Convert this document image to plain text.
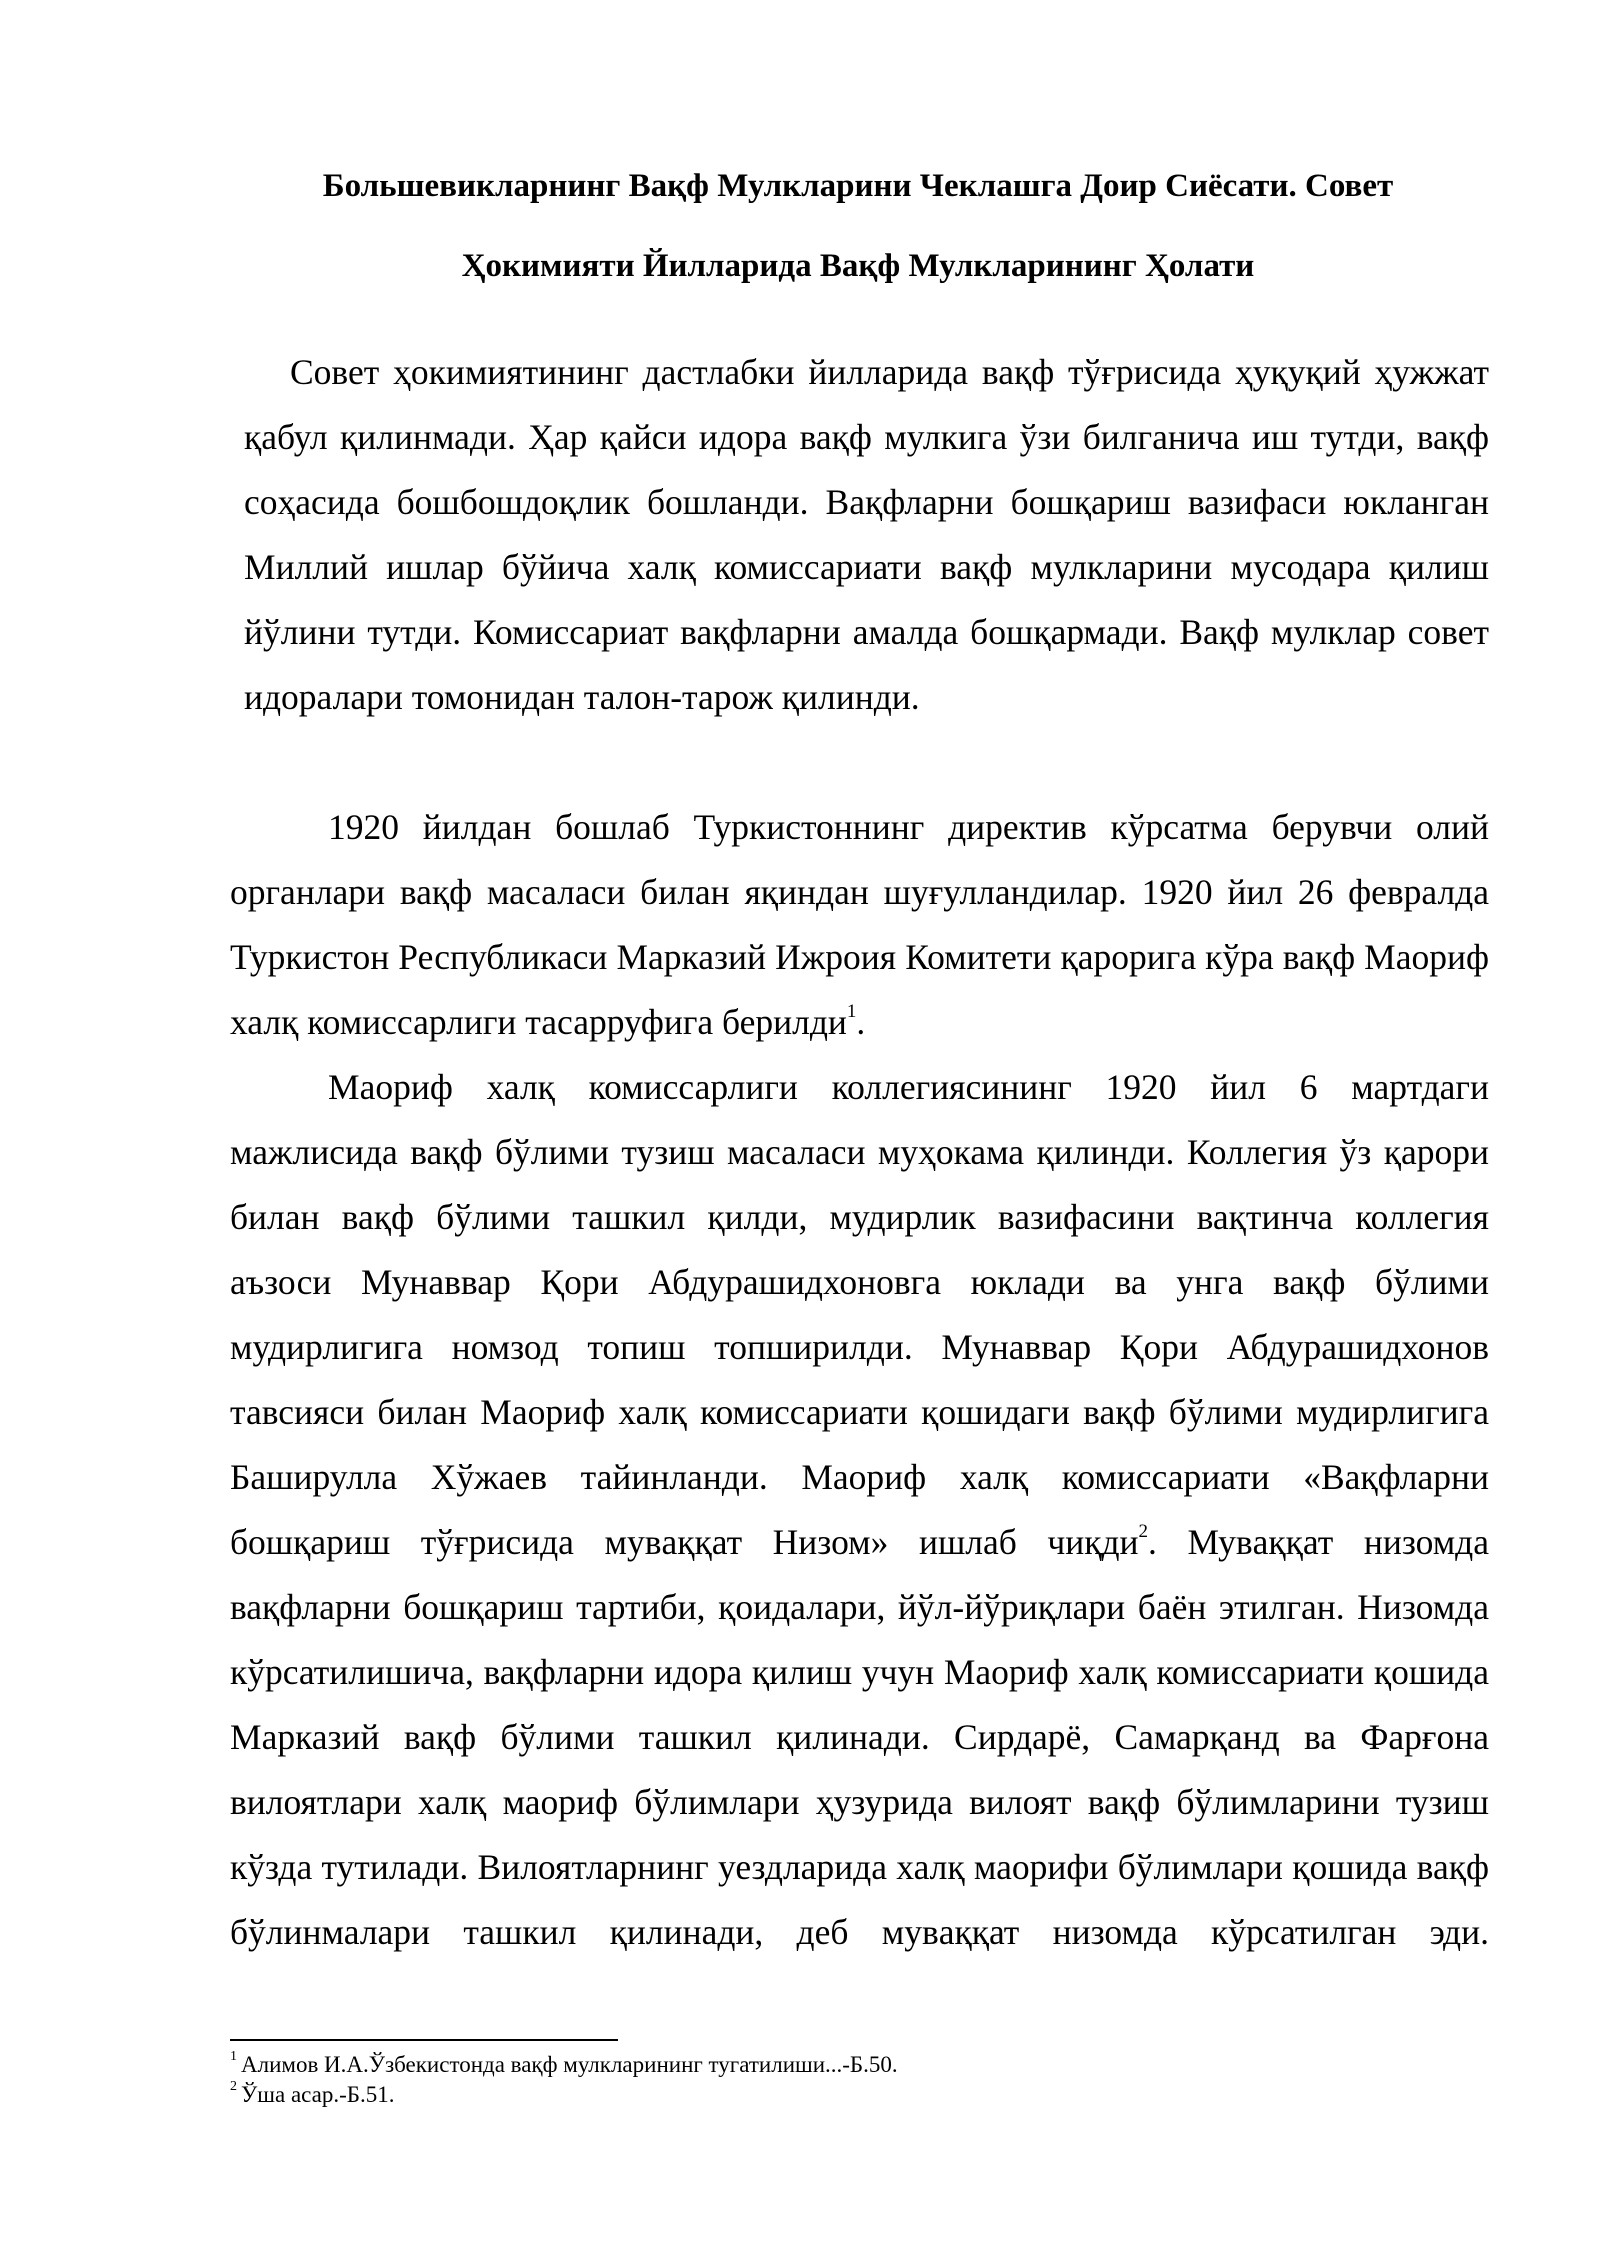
Большевикларнинг Вақф Мулкларини Чеклашга Доир Сиёсати. Совет
Ҳокимияти Йилларида Вақф Мулкларининг Ҳолати

Совет ҳокимиятининг дастлабки йилларида вақф тўғрисида ҳуқуқий ҳужжат қабул қилинмади. Ҳар қайси идора вақф мулкига ўзи билганича иш тутди, вақф соҳасида бошбошдоқлик бошланди. Вақфларни бошқариш вазифаси юкланган Миллий ишлар бўйича халқ комиссариати вақф мулкларини мусодара қилиш йўлини тутди. Комиссариат вақфларни амалда бошқармади. Вақф мулклар совет идоралари томонидан талон-тарож қилинди.

1920 йилдан бошлаб Туркистоннинг директив кўрсатма берувчи олий органлари вақф масаласи билан яқиндан шуғулландилар. 1920 йил 26 февралда Туркистон Республикаси Марказий Ижроия Комитети қарорига кўра вақф Маориф халқ комиссарлиги тасарруфига берилди$^1$.

Маориф халқ комиссарлиги коллегиясининг 1920 йил 6 мартдаги мажлисида вақф бўлими тузиш масаласи муҳокама қилинди. Коллегия ўз қарори билан вақф бўлими ташкил қилди, мудирлик вазифасини вақтинча коллегия аъзоси Мунаввар Қори Абдурашидхоновга юклади ва унга вақф бўлими мудирлигига номзод топиш топширилди. Мунаввар Қори Абдурашидхонов тавсияси билан Маориф халқ комиссариати қошидаги вақф бўлими мудирлигига Баширулла Хўжаев тайинланди. Маориф халқ комиссариати «Вақфларни бошқариш тўғрисида мувaққат Низом» ишлаб чиқди$^2$. Мувaққат низомда вақфларни бошқариш тартиби, қоидалари, йўл-йўриқлари баён этилган. Низомда кўрсатилишича, вақфларни идора қилиш учун Маориф халқ комиссариати қошида Марказий вақф бўлими ташкил қилинади. Сирдарё, Самарқанд ва Фарғона вилоятлари халқ маориф бўлимлари ҳузурида вилоят вақф бўлимларини тузиш кўзда тутилади. Вилоятларнинг уездларида халқ маорифи бўлимлари қошида вақф бўлинмалари ташкил қилинади, деб мувaққат низомда кўрсатилган эди.

$^1$ Алимов И.А.Ўзбекистонда вақф мулкларининг тугатилиши...-Б.50.
$^2$ Ўша асар.-Б.51.
